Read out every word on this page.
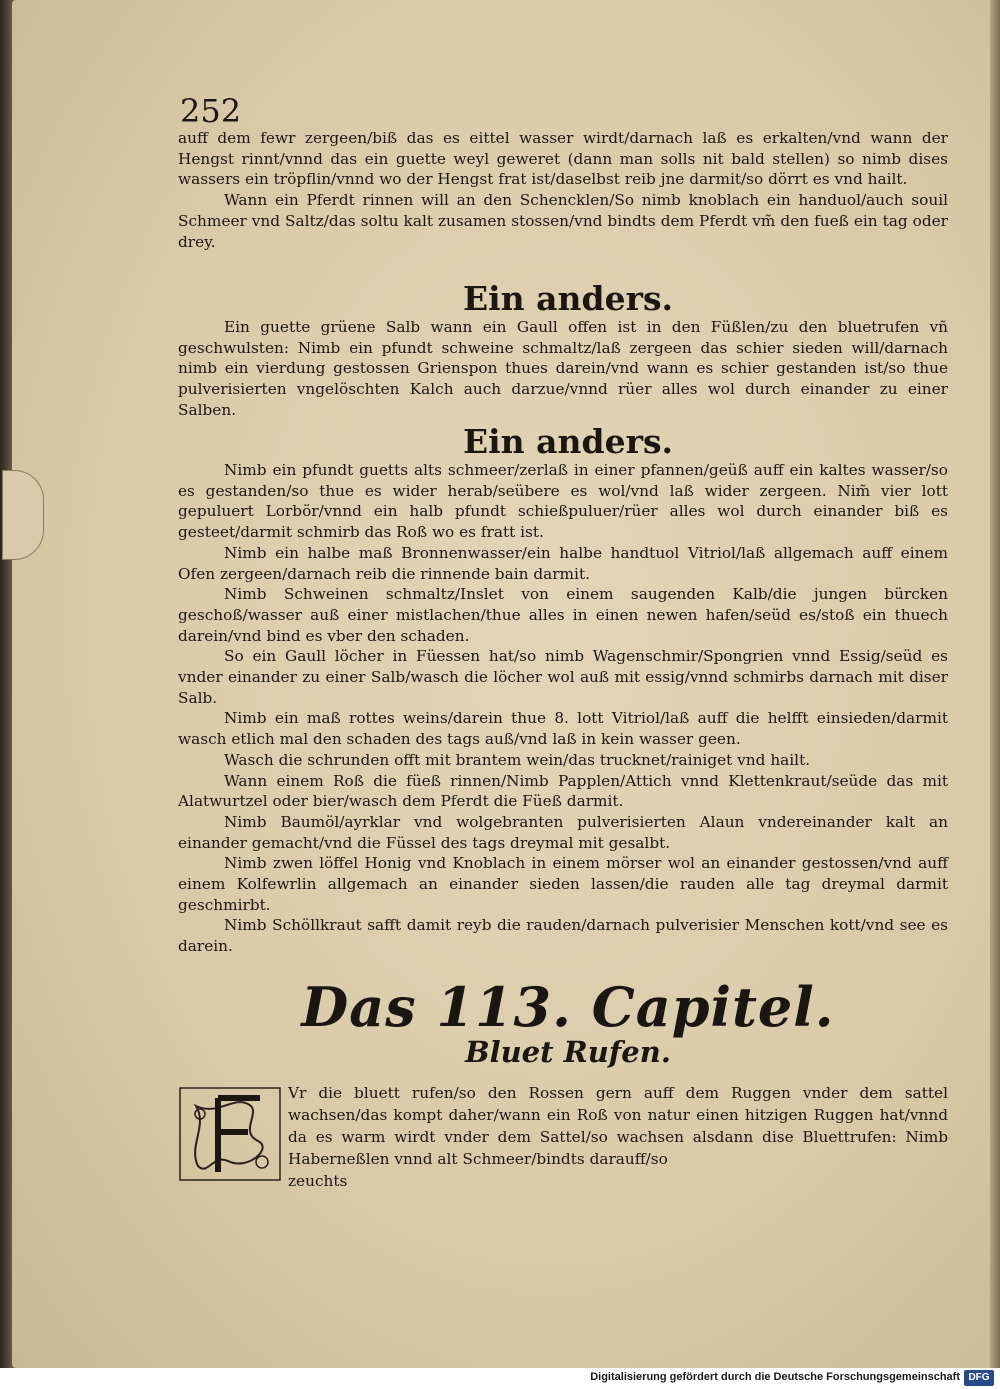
252

auff dem fewr zergeen/biß das es eittel wasser wirdt/darnach laß es erkalten/vnd wann der Hengst rinnt/vnnd das ein guette weyl geweret (dann man solls nit bald stellen) so nimb dises wassers ein tröpflin/vnnd wo der Hengst frat ist/daselbst reib jne darmit/so dörrt es vnd hailt.

Wann ein Pferdt rinnen will an den Schencklen/So nimb knoblach ein handuol/auch souil Schmeer vnd Saltz/das soltu kalt zusamen stossen/vnd bindts dem Pferdt vm̃ den fueß ein tag oder drey.

Ein anders.

Ein guette grüene Salb wann ein Gaull offen ist in den Füßlen/zu den bluetrufen vñ geschwulsten: Nimb ein pfundt schweine schmaltz/laß zergeen das schier sieden will/darnach nimb ein vierdung gestossen Grienspon thues darein/vnd wann es schier gestanden ist/so thue pulverisierten vngelöschten Kalch auch darzue/vnnd rüer alles wol durch einander zu einer Salben.

Ein anders.

Nimb ein pfundt guetts alts schmeer/zerlaß in einer pfannen/geüß auff ein kaltes wasser/so es gestanden/so thue es wider herab/seübere es wol/vnd laß wider zergeen. Nim̃ vier lott gepuluert Lorbör/vnnd ein halb pfundt schießpuluer/rüer alles wol durch einander biß es gesteet/darmit schmirb das Roß wo es fratt ist.

Nimb ein halbe maß Bronnenwasser/ein halbe handtuol Vitriol/laß allgemach auff einem Ofen zergeen/darnach reib die rinnende bain darmit.

Nimb Schweinen schmaltz/Inslet von einem saugenden Kalb/die jungen bürcken geschoß/wasser auß einer mistlachen/thue alles in einen newen hafen/seüd es/stoß ein thuech darein/vnd bind es vber den schaden.

So ein Gaull löcher in Füessen hat/so nimb Wagenschmir/Spongrien vnnd Essig/seüd es vnder einander zu einer Salb/wasch die löcher wol auß mit essig/vnnd schmirbs darnach mit diser Salb.

Nimb ein maß rottes weins/darein thue 8. lott Vitriol/laß auff die helfft einsieden/darmit wasch etlich mal den schaden des tags auß/vnd laß in kein wasser geen.

Wasch die schrunden offt mit brantem wein/das trucknet/rainiget vnd hailt.

Wann einem Roß die füeß rinnen/Nimb Papplen/Attich vnnd Klettenkraut/seüde das mit Alatwurtzel oder bier/wasch dem Pferdt die Füeß darmit.

Nimb Baumöl/ayrklar vnd wolgebranten pulverisierten Alaun vndereinander kalt an einander gemacht/vnd die Füssel des tags dreymal mit gesalbt.

Nimb zwen löffel Honig vnd Knoblach in einem mörser wol an einander gestossen/vnd auff einem Kolfewrlin allgemach an einander sieden lassen/die rauden alle tag dreymal darmit geschmirbt.

Nimb Schöllkraut safft damit reyb die rauden/darnach pulverisier Menschen kott/vnd see es darein.

Das 113. Capitel.
Bluet Rufen.

Vr die bluett rufen/so den Rossen gern auff dem Ruggen vnder dem sattel wachsen/das kompt daher/wann ein Roß von natur einen hitzigen Ruggen hat/vnnd da es warm wirdt vnder dem Sattel/so wachsen alsdann dise Bluettrufen: Nimb Haberneßlen vnnd alt Schmeer/bindts darauff/so

zeuchts

Digitalisierung gefördert durch die Deutsche Forschungsgemeinschaft DFG
